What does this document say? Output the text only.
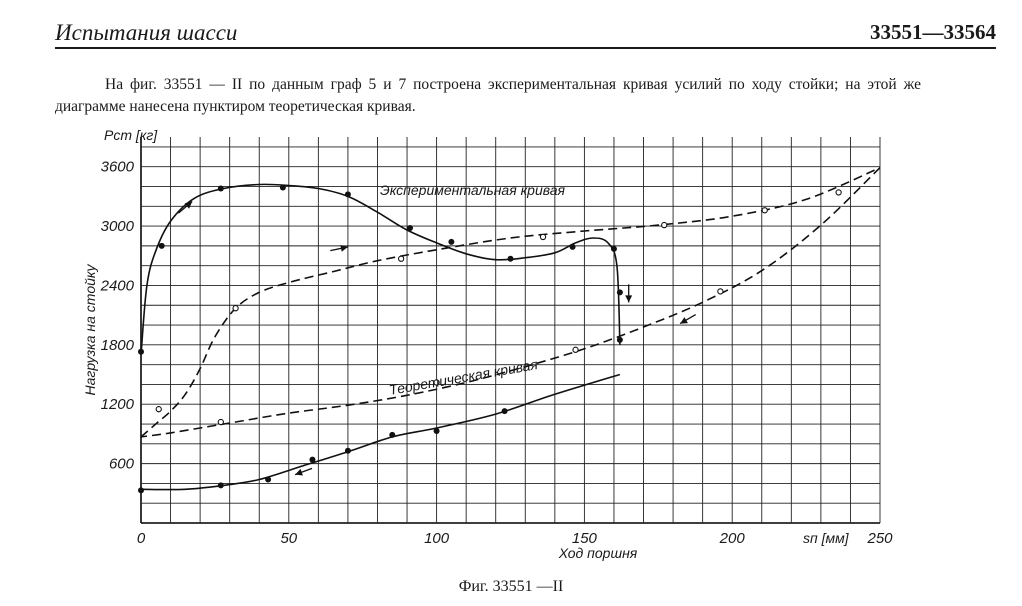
Испытания шасси	33551—33564
На фиг. 33551 — II по данным граф 5 и 7 построена экспериментальная кривая усилий по ходу стойки; на этой же диаграмме нанесена пунктиром теоретическая кривая.
600
1200
1800
2400
3000
3600
0	50	100	150	200	250
Нагрузка на стойку
Ход поршня
Pст [кг]
sп [мм]
Экспериментальная кривая
Теоретическая кривая
Фиг. 33551 —II
